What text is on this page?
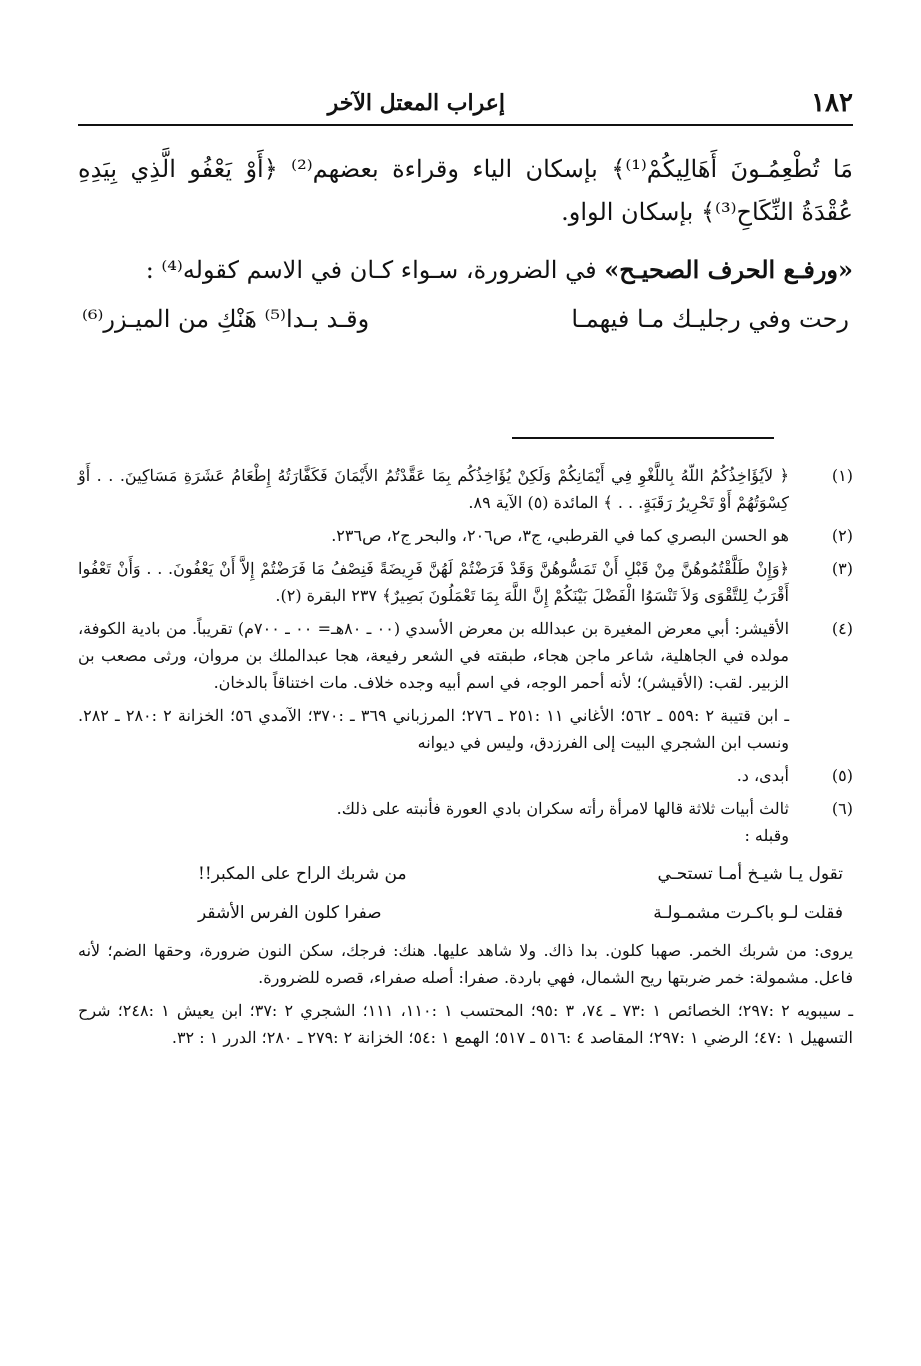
١٨٢
إعراب المعتل الآخر

مَا تُطْعِمُـونَ أَهَالِيكُمْ⁽¹⁾﴾ بإسكان الياء وقراءة بعضهم⁽²⁾ ﴿أَوْ يَعْفُو الَّذِي بِيَدِهِ عُقْدَةُ النِّكَاحِ⁽³⁾﴾ بإسكان الواو.

«ورفـع الحرف الصحيـح» في الضرورة، سـواء كـان في الاسم كقوله⁽⁴⁾ :

رحت وفي رجليـك مـا فيهمـا
وقـد بـدا⁽⁵⁾ هَنْكِ من الميـزر⁽⁶⁾
(١)

﴿ لاَيُؤَاخِذُكُمُ اللّهُ بِاللَّغْوِ فِي أَيْمَانِكُمْ وَلَكِنْ يُؤَاخِذُكُم بِمَا عَقَّدْتُمُ الأَيْمَانَ فَكَفَّارَتُهُ إِطْعَامُ عَشَرَةِ مَسَاكِينَ. . . أَوْ كِسْوَتُهُمْ أَوْ تَحْرِيرُ رَقَبَةٍ. . . ﴾ المائدة (٥) الآية ٨٩.

(٢)

هو الحسن البصري كما في القرطبي، ج٣، ص٢٠٦، والبحر ج٢، ص٢٣٦.

(٣)

﴿وَإِنْ طَلَّقْتُمُوهُنَّ مِنْ قَبْلِ أَنْ تَمَسُّوهُنَّ وَقَدْ فَرَضْتُمْ لَهُنَّ فَرِيضَةً فَنِصْفُ مَا فَرَضْتُمْ إِلاَّ أَنْ يَعْفُونَ. . . وَأَنْ تَعْفُوا أَقْرَبُ لِلتَّقْوَى وَلاَ تَنْسَوُا الْفَضْلَ بَيْنَكُمْ إِنَّ اللَّهَ بِمَا تَعْمَلُونَ بَصِيرٌ﴾ ٢٣٧ البقرة (٢).

(٤)

الأقيشر: أبي معرض المغيرة بن عبدالله بن معرض الأسدي (٠٠ ـ ٨٠هـ= ٠٠ ـ ٧٠٠م) تقريباً. من بادية الكوفة، مولده في الجاهلية، شاعر ماجن هجاء، طبقته في الشعر رفيعة، هجا عبدالملك بن مروان، ورثى مصعب بن الزبير. لقب: (الأقيشر)؛ لأنه أحمر الوجه، في اسم أبيه وجده خلاف. مات اختناقاً بالدخان.

ـ ابن قتيبة ٢ :٥٥٩ ـ ٥٦٢؛ الأغاني ١١ :٢٥١ ـ ٢٧٦؛ المرزباني ٣٦٩ ـ :٣٧٠؛ الآمدي ٥٦؛ الخزانة ٢ :٢٨٠ ـ ٢٨٢. ونسب ابن الشجري البيت إلى الفرزدق، وليس في ديوانه

(٥)

أبدى، د.

(٦)

ثالث أبيات ثلاثة قالها لامرأة رأته سكران بادي العورة فأنبته على ذلك.

وقبله :

تقول يـا شيـخ أمـا تستحـي
من شربك الراح على المكبر!!
فقلت لـو باكـرت مشمـولـة
صفرا كلون الفرس الأشقر

يروى: من شربك الخمر. صهبا كلون. بدا ذاك. ولا شاهد عليها. هنك: فرجك، سكن النون ضرورة، وحقها الضم؛ لأنه فاعل. مشمولة: خمر ضربتها ريح الشمال، فهي باردة. صفرا: أصله صفراء، قصره للضرورة.

ـ سيبويه ٢ :٢٩٧؛ الخصائص ١ :٧٣ ـ ٧٤، ٣ :٩٥؛ المحتسب ١ :١١٠، ١١١؛ الشجري ٢ :٣٧؛ ابن يعيش ١ :٢٤٨؛ شرح التسهيل ١ :٤٧؛ الرضي ١ :٢٩٧؛ المقاصد ٤ :٥١٦ ـ ٥١٧؛ الهمع ١ :٥٤؛ الخزانة ٢ :٢٧٩ ـ ٢٨٠؛ الدرر ١ : ٣٢.
